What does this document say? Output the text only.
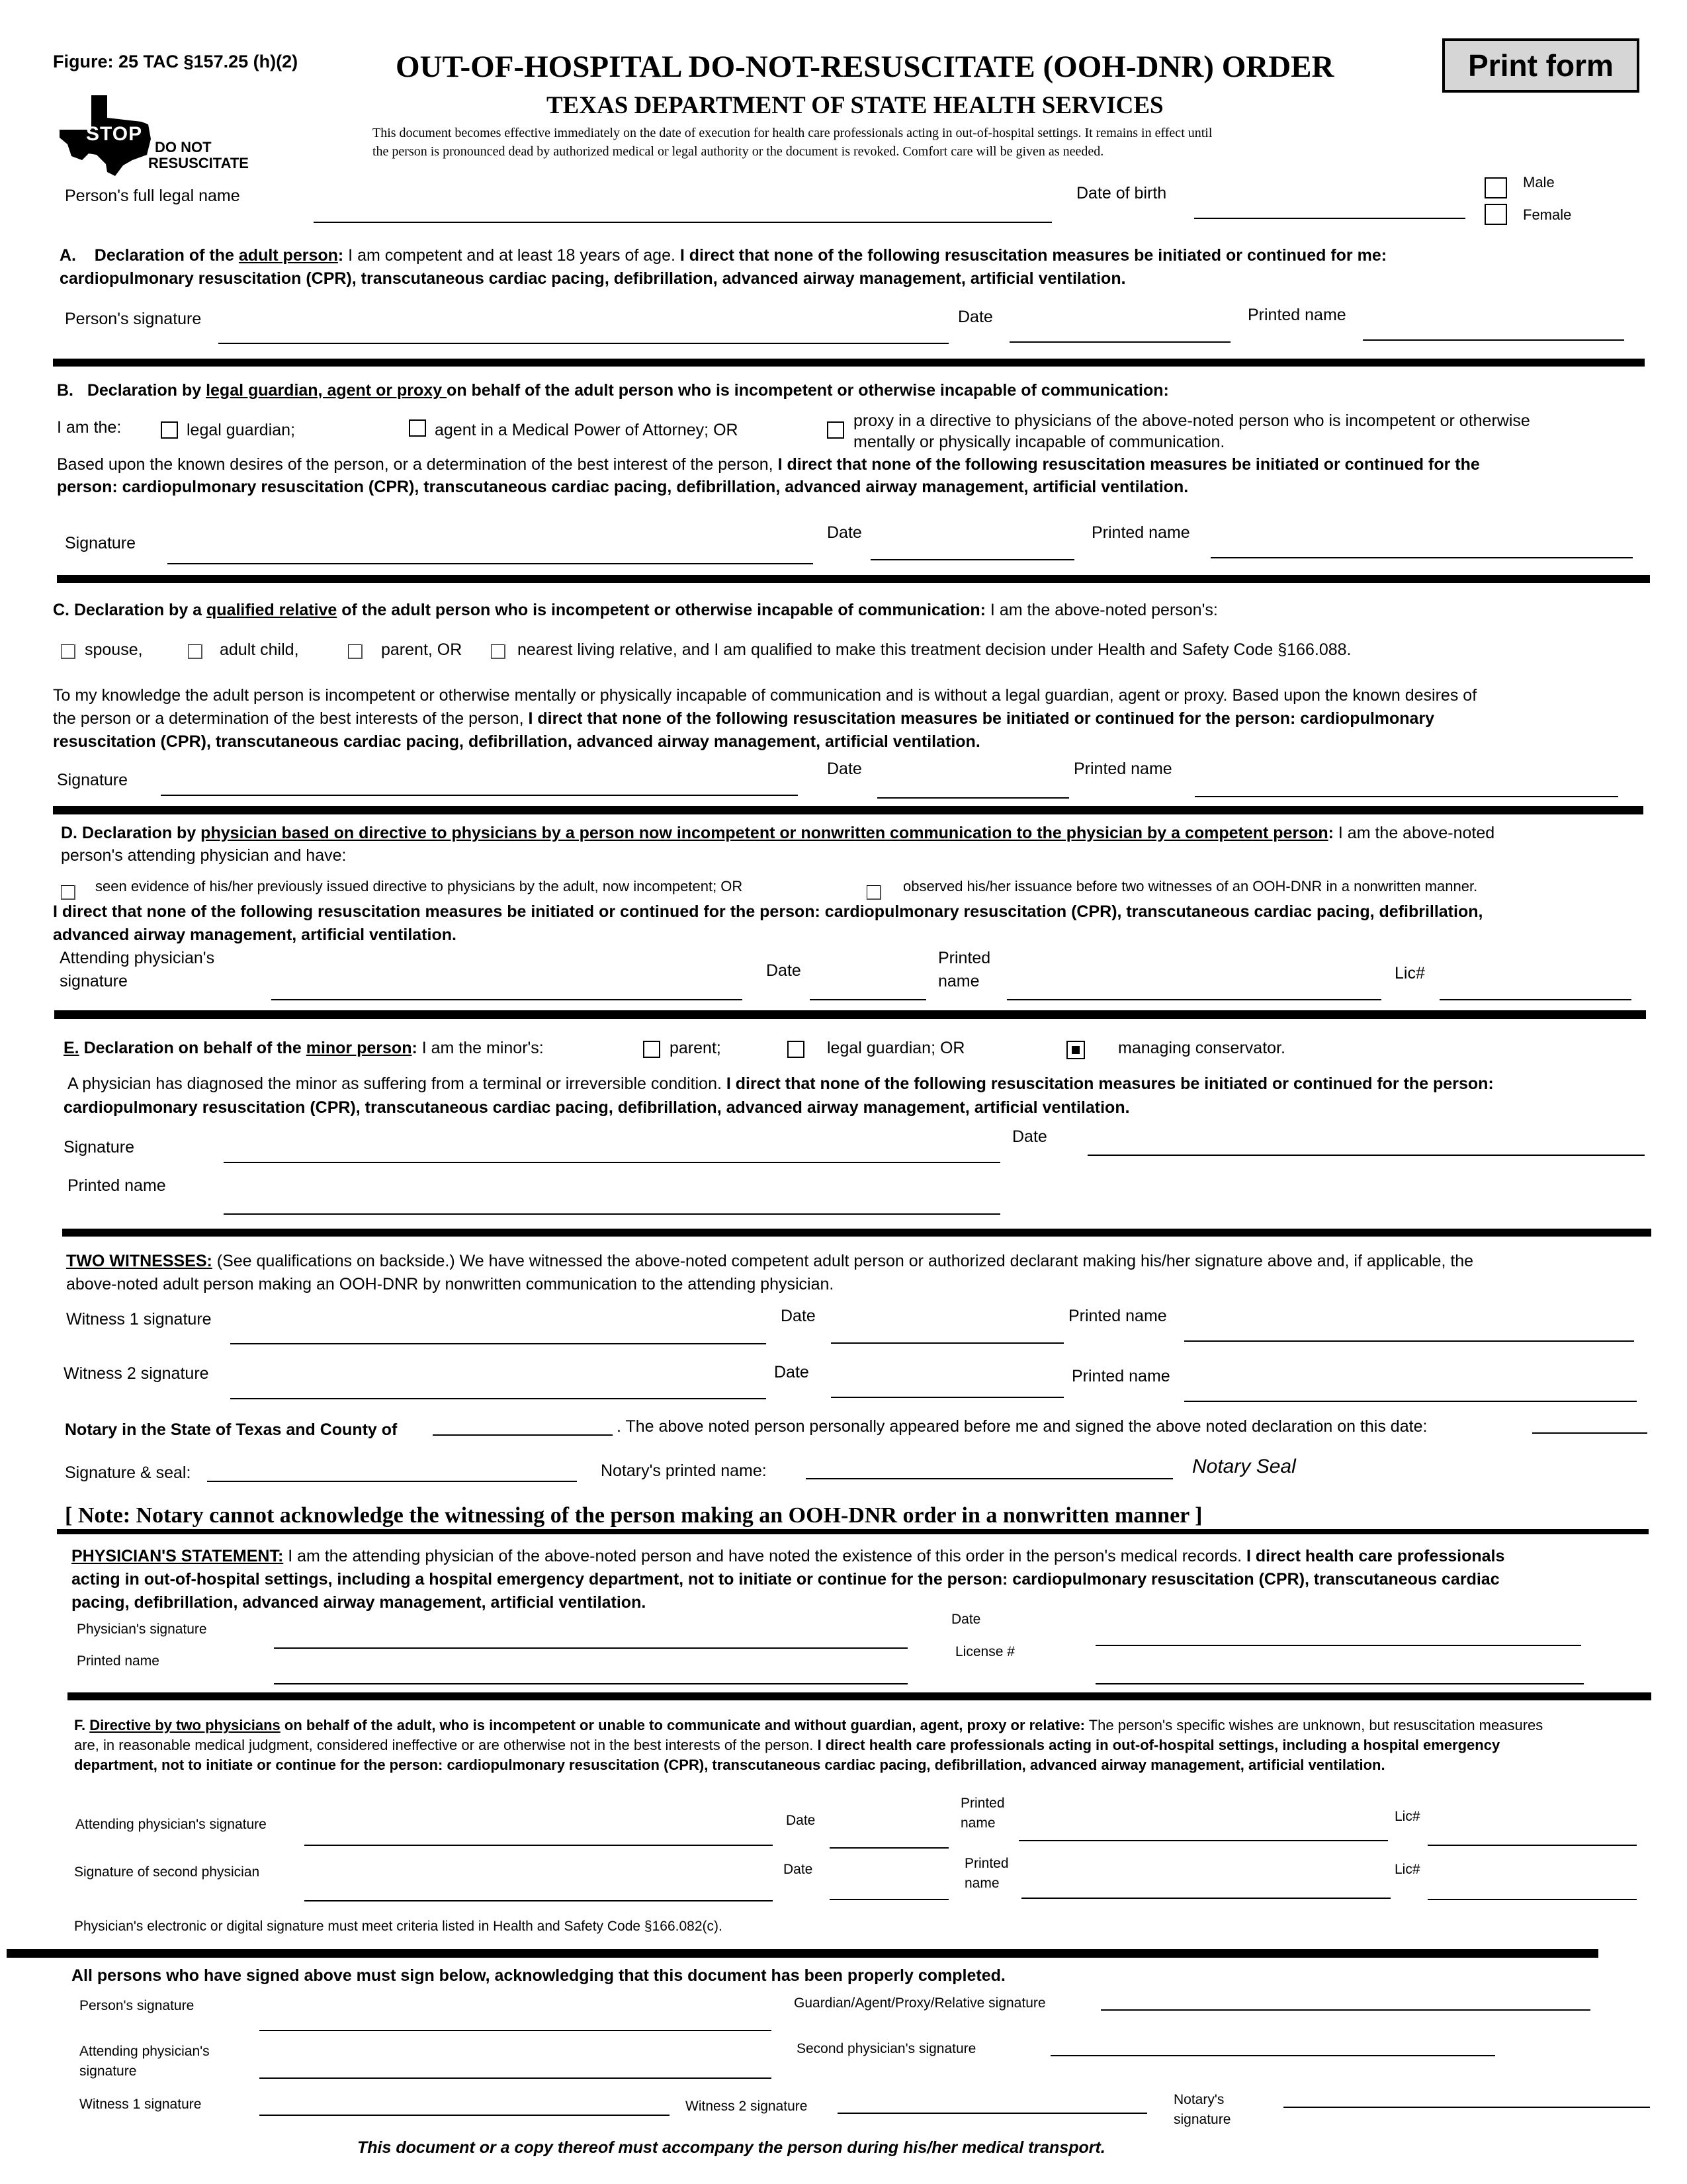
Figure: 25 TAC §157.25 (h)(2)	OUT-OF-HOSPITAL DO-NOT-RESUSCITATE (OOH-DNR) ORDER
TEXAS DEPARTMENT OF STATE HEALTH SERVICES
This document becomes effective immediately on the date of execution for health care professionals acting in out-of-hospital settings. It remains in effect until
the person is pronounced dead by authorized medical or legal authority or the document is revoked. Comfort care will be given as needed.
Print form
STOP
DO NOT
RESUSCITATE
Person's full legal name	Date of birth
Male
Female
A. Declaration of the adult person: I am competent and at least 18 years of age. I direct that none of the following resuscitation measures be initiated or continued for me:
cardiopulmonary resuscitation (CPR), transcutaneous cardiac pacing, defibrillation, advanced airway management, artificial ventilation.
Person's signature	Date	Printed name
B. Declaration by legal guardian, agent or proxy on behalf of the adult person who is incompetent or otherwise incapable of communication:
I am the:	legal guardian;	agent in a Medical Power of Attorney; OR	proxy in a directive to physicians of the above-noted person who is incompetent or otherwise
mentally or physically incapable of communication.
Based upon the known desires of the person, or a determination of the best interest of the person, I direct that none of the following resuscitation measures be initiated or continued for the
person: cardiopulmonary resuscitation (CPR), transcutaneous cardiac pacing, defibrillation, advanced airway management, artificial ventilation.
Signature
Date	Printed name
C. Declaration by a qualified relative of the adult person who is incompetent or otherwise incapable of communication: I am the above-noted person's:
spouse,	adult child,	parent, OR	nearest living relative, and I am qualified to make this treatment decision under Health and Safety Code §166.088.
To my knowledge the adult person is incompetent or otherwise mentally or physically incapable of communication and is without a legal guardian, agent or proxy. Based upon the known desires of
the person or a determination of the best interests of the person, I direct that none of the following resuscitation measures be initiated or continued for the person: cardiopulmonary
resuscitation (CPR), transcutaneous cardiac pacing, defibrillation, advanced airway management, artificial ventilation.
Signature
Date	Printed name
D. Declaration by physician based on directive to physicians by a person now incompetent or nonwritten communication to the physician by a competent person: I am the above-noted
person's attending physician and have:
seen evidence of his/her previously issued directive to physicians by the adult, now incompetent; OR	observed his/her issuance before two witnesses of an OOH-DNR in a nonwritten manner.
I direct that none of the following resuscitation measures be initiated or continued for the person: cardiopulmonary resuscitation (CPR), transcutaneous cardiac pacing, defibrillation,
advanced airway management, artificial ventilation.
Attending physician's
signature
Date
Printed
name	Lic#
E. Declaration on behalf of the minor person: I am the minor's:	parent;	legal guardian; OR	managing conservator.
A physician has diagnosed the minor as suffering from a terminal or irreversible condition. I direct that none of the following resuscitation measures be initiated or continued for the person:
cardiopulmonary resuscitation (CPR), transcutaneous cardiac pacing, defibrillation, advanced airway management, artificial ventilation.
Signature
Date
Printed name
TWO WITNESSES: (See qualifications on backside.) We have witnessed the above-noted competent adult person or authorized declarant making his/her signature above and, if applicable, the
above-noted adult person making an OOH-DNR by nonwritten communication to the attending physician.
Witness 1 signature	Date	Printed name
Witness 2 signature	Date	Printed name
Notary in the State of Texas and County of	. The above noted person personally appeared before me and signed the above noted declaration on this date:
Signature & seal:	Notary's printed name:	Notary Seal
[ Note: Notary cannot acknowledge the witnessing of the person making an OOH-DNR order in a nonwritten manner ]
PHYSICIAN'S STATEMENT: I am the attending physician of the above-noted person and have noted the existence of this order in the person's medical records. I direct health care professionals
acting in out-of-hospital settings, including a hospital emergency department, not to initiate or continue for the person: cardiopulmonary resuscitation (CPR), transcutaneous cardiac
pacing, defibrillation, advanced airway management, artificial ventilation.
Physician's signature
Date
Printed name
License #
F. Directive by two physicians on behalf of the adult, who is incompetent or unable to communicate and without guardian, agent, proxy or relative: The person's specific wishes are unknown, but resuscitation measures
are, in reasonable medical judgment, considered ineffective or are otherwise not in the best interests of the person. I direct health care professionals acting in out-of-hospital settings, including a hospital emergency
department, not to initiate or continue for the person: cardiopulmonary resuscitation (CPR), transcutaneous cardiac pacing, defibrillation, advanced airway management, artificial ventilation.
Attending physician's signature	Date
Printed
name	Lic#
Signature of second physician	Date	Printed
name
Lic#
Physician's electronic or digital signature must meet criteria listed in Health and Safety Code §166.082(c).
All persons who have signed above must sign below, acknowledging that this document has been properly completed.
Person's signature	Guardian/Agent/Proxy/Relative signature
Attending physician's
signature
Second physician's signature
Witness 1 signature	Witness 2 signature	Notary's
signature
This document or a copy thereof must accompany the person during his/her medical transport.
